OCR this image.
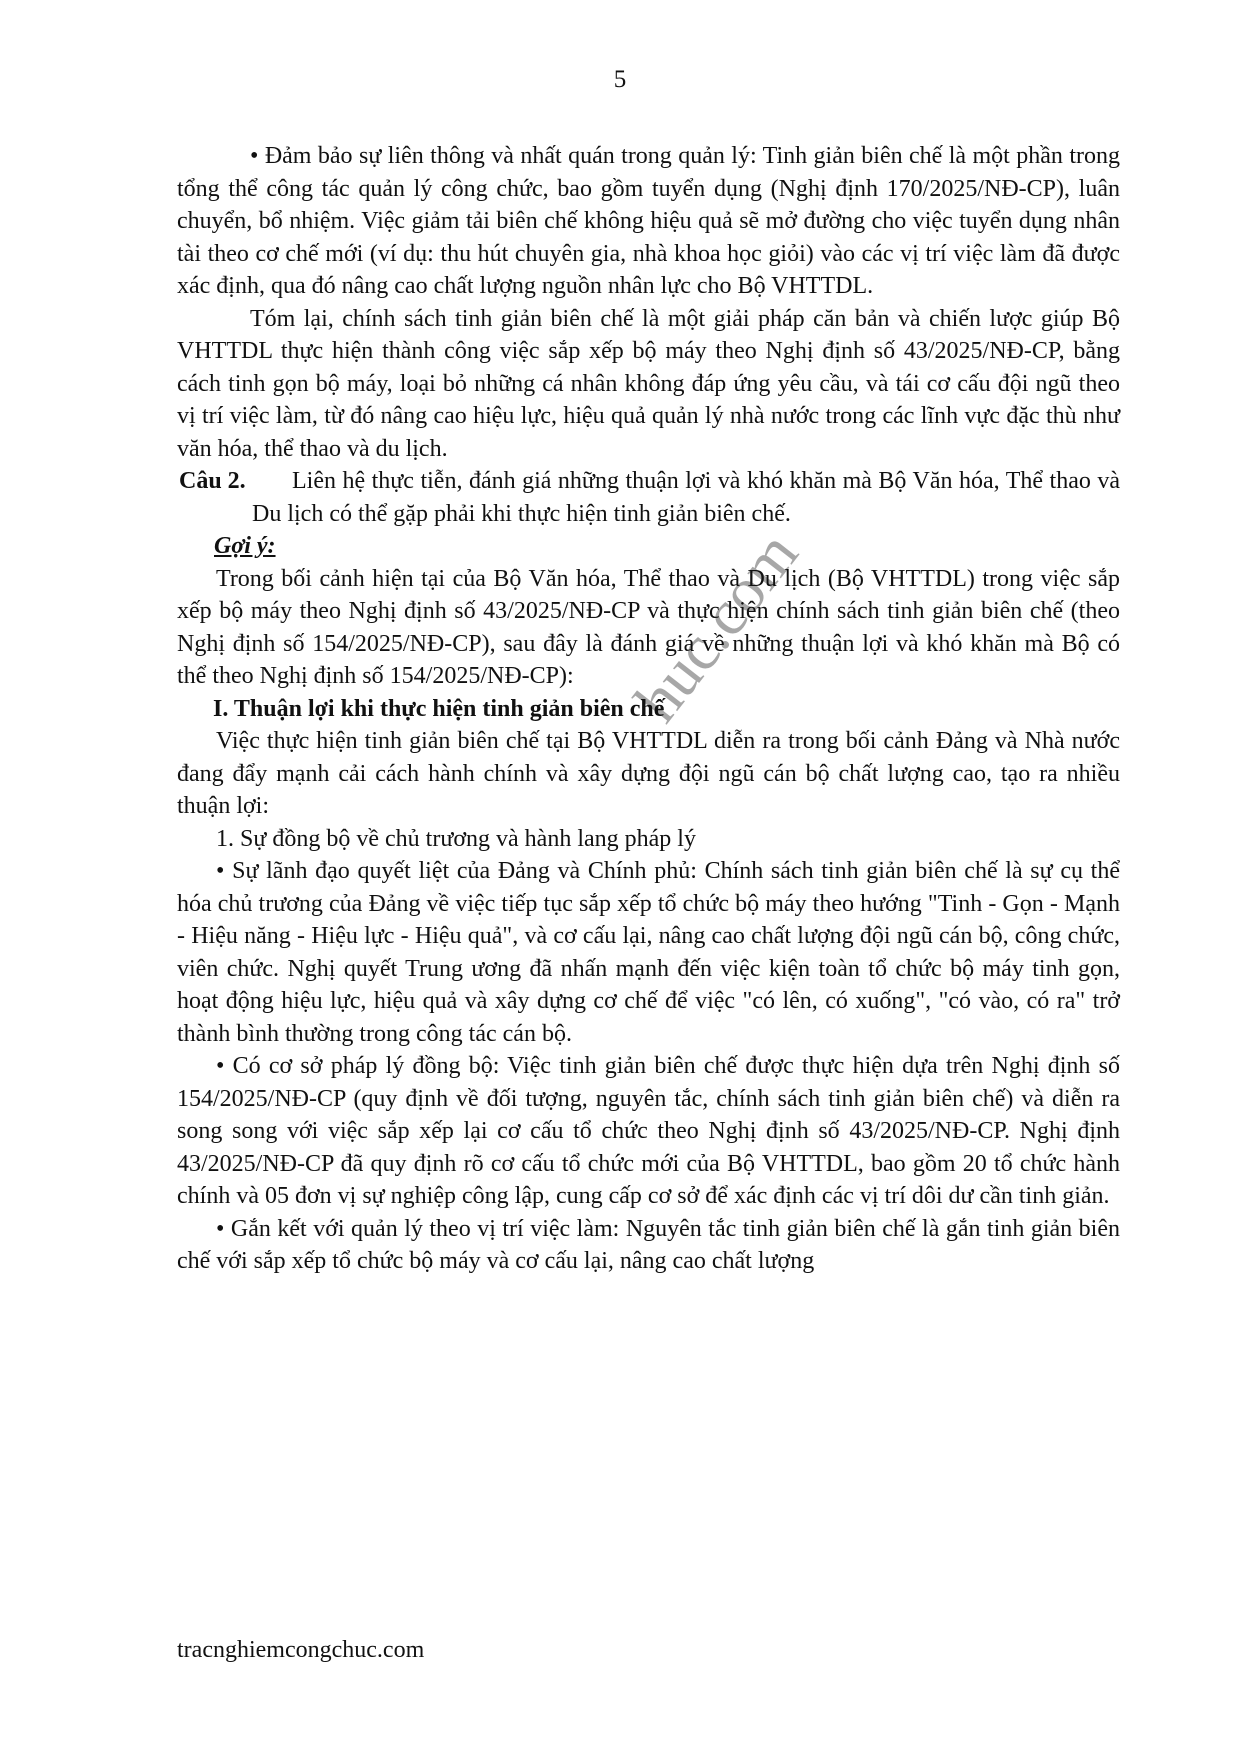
5
huc.com

• Đảm bảo sự liên thông và nhất quán trong quản lý: Tinh giản biên chế là một phần trong tổng thể công tác quản lý công chức, bao gồm tuyển dụng (Nghị định 170/2025/NĐ-CP), luân chuyển, bổ nhiệm. Việc giảm tải biên chế không hiệu quả sẽ mở đường cho việc tuyển dụng nhân tài theo cơ chế mới (ví dụ: thu hút chuyên gia, nhà khoa học giỏi) vào các vị trí việc làm đã được xác định, qua đó nâng cao chất lượng nguồn nhân lực cho Bộ VHTTDL.

Tóm lại, chính sách tinh giản biên chế là một giải pháp căn bản và chiến lược giúp Bộ VHTTDL thực hiện thành công việc sắp xếp bộ máy theo Nghị định số 43/2025/NĐ-CP, bằng cách tinh gọn bộ máy, loại bỏ những cá nhân không đáp ứng yêu cầu, và tái cơ cấu đội ngũ theo vị trí việc làm, từ đó nâng cao hiệu lực, hiệu quả quản lý nhà nước trong các lĩnh vực đặc thù như văn hóa, thể thao và du lịch.

Câu 2. Liên hệ thực tiễn, đánh giá những thuận lợi và khó khăn mà Bộ Văn hóa, Thể thao và Du lịch có thể gặp phải khi thực hiện tinh giản biên chế.

Gợi ý:

Trong bối cảnh hiện tại của Bộ Văn hóa, Thể thao và Du lịch (Bộ VHTTDL) trong việc sắp xếp bộ máy theo Nghị định số 43/2025/NĐ-CP và thực hiện chính sách tinh giản biên chế (theo Nghị định số 154/2025/NĐ-CP), sau đây là đánh giá về những thuận lợi và khó khăn mà Bộ có thể theo Nghị định số 154/2025/NĐ-CP):

I. Thuận lợi khi thực hiện tinh giản biên chế

Việc thực hiện tinh giản biên chế tại Bộ VHTTDL diễn ra trong bối cảnh Đảng và Nhà nước đang đẩy mạnh cải cách hành chính và xây dựng đội ngũ cán bộ chất lượng cao, tạo ra nhiều thuận lợi:

1. Sự đồng bộ về chủ trương và hành lang pháp lý

• Sự lãnh đạo quyết liệt của Đảng và Chính phủ: Chính sách tinh giản biên chế là sự cụ thể hóa chủ trương của Đảng về việc tiếp tục sắp xếp tổ chức bộ máy theo hướng "Tinh - Gọn - Mạnh - Hiệu năng - Hiệu lực - Hiệu quả", và cơ cấu lại, nâng cao chất lượng đội ngũ cán bộ, công chức, viên chức. Nghị quyết Trung ương đã nhấn mạnh đến việc kiện toàn tổ chức bộ máy tinh gọn, hoạt động hiệu lực, hiệu quả và xây dựng cơ chế để việc "có lên, có xuống", "có vào, có ra" trở thành bình thường trong công tác cán bộ.

• Có cơ sở pháp lý đồng bộ: Việc tinh giản biên chế được thực hiện dựa trên Nghị định số 154/2025/NĐ-CP (quy định về đối tượng, nguyên tắc, chính sách tinh giản biên chế) và diễn ra song song với việc sắp xếp lại cơ cấu tổ chức theo Nghị định số 43/2025/NĐ-CP. Nghị định 43/2025/NĐ-CP đã quy định rõ cơ cấu tổ chức mới của Bộ VHTTDL, bao gồm 20 tổ chức hành chính và 05 đơn vị sự nghiệp công lập, cung cấp cơ sở để xác định các vị trí dôi dư cần tinh giản.

• Gắn kết với quản lý theo vị trí việc làm: Nguyên tắc tinh giản biên chế là gắn tinh giản biên chế với sắp xếp tổ chức bộ máy và cơ cấu lại, nâng cao chất lượng

tracnghiemcongchuc.com
